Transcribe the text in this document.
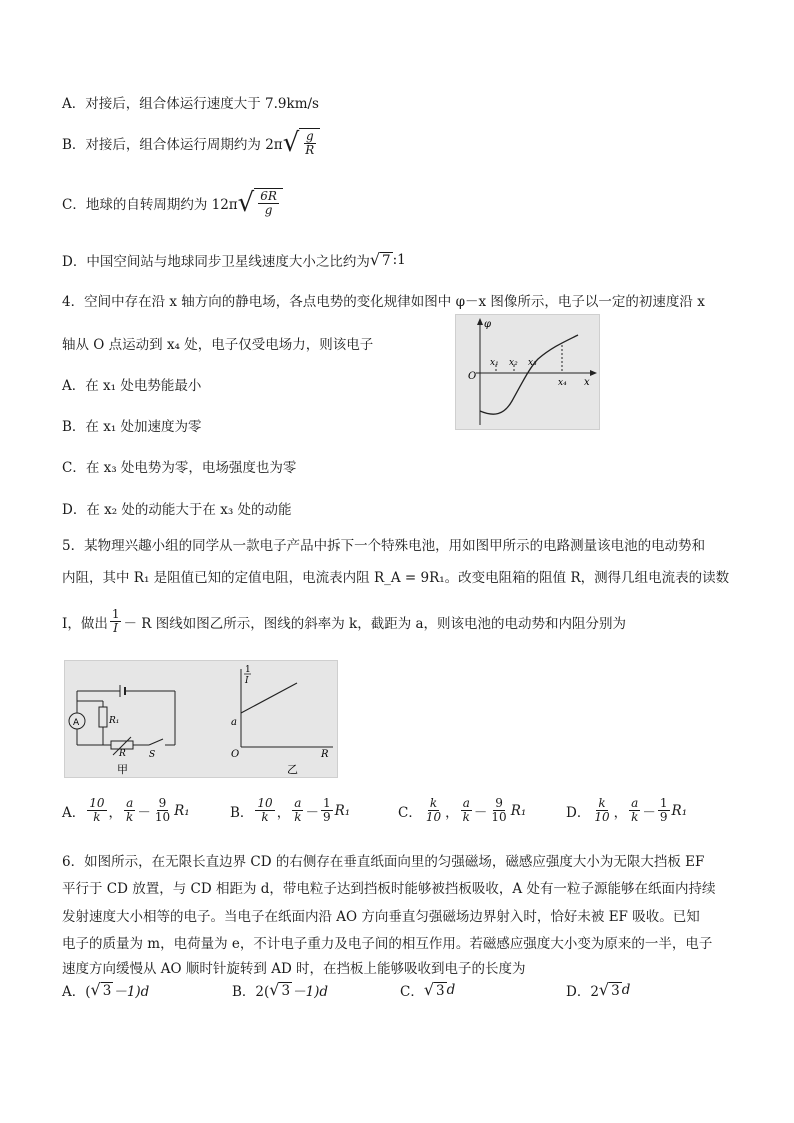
A．对接后，组合体运行速度大于 7.9km/s
B．对接后，组合体运行周期约为 2π √ $\frac{g}{R}$
C．地球的自转周期约为 12π √ $\frac{6R}{g}$
D．中国空间站与地球同步卫星线速度大小之比约为 √ 7 :1
4．空间中存在沿 x 轴方向的静电场，各点电势的变化规律如图中 φ－x 图像所示，电子以一定的初速度沿 x
轴从 O 点运动到 x₄ 处，电子仅受电场力，则该电子
A．在 x₁ 处电势能最小
B．在 x₁ 处加速度为零
C．在 x₃ 处电势为零，电场强度也为零
D．在 x₂ 处的动能大于在 x₃ 处的动能
φ
x
O
x₁ x₂ x₃
x₄
5．某物理兴趣小组的同学从一款电子产品中拆下一个特殊电池，用如图甲所示的电路测量该电池的电动势和
内阻，其中 R₁ 是阻值已知的定值电阻，电流表内阻 R_A = 9R₁。改变电阻箱的阻值 R，测得几组电流表的读数
I，做出 $\frac{1}{I} - R$ 图线如图乙所示，图线的斜率为 k，截距为 a，则该电池的电动势和内阻分别为
A	R₁
R	S
甲
1
I
a
O	R
乙
A． $\frac{10}{k}$ ， $\frac{a}{k} - \frac{9}{10} R_1$	B． $\frac{10}{k}$ ， $\frac{a}{k} - \frac{1}{9} R_1$	C． $\frac{k}{10}$ ， $\frac{a}{k} - \frac{9}{10} R_1$	D． $\frac{k}{10}$ ， $\frac{a}{k} - \frac{1}{9} R_1$
6．如图所示，在无限长直边界 CD 的右侧存在垂直纸面向里的匀强磁场，磁感应强度大小为无限大挡板 EF
平行于 CD 放置，与 CD 相距为 d，带电粒子达到挡板时能够被挡板吸收，A 处有一粒子源能够在纸面内持续
发射速度大小相等的电子。当电子在纸面内沿 AO 方向垂直匀强磁场边界射入时，恰好未被 EF 吸收。已知
电子的质量为 m，电荷量为 e，不计电子重力及电子间的相互作用。若磁感应强度大小变为原来的一半，电子
速度方向缓慢从 AO 顺时针旋转到 AD 时，在挡板上能够吸收到电子的长度为
A．( √ 3 －1)d	B．2( √ 3 －1)d	C． √ 3 d	D．2 √ 3 d
